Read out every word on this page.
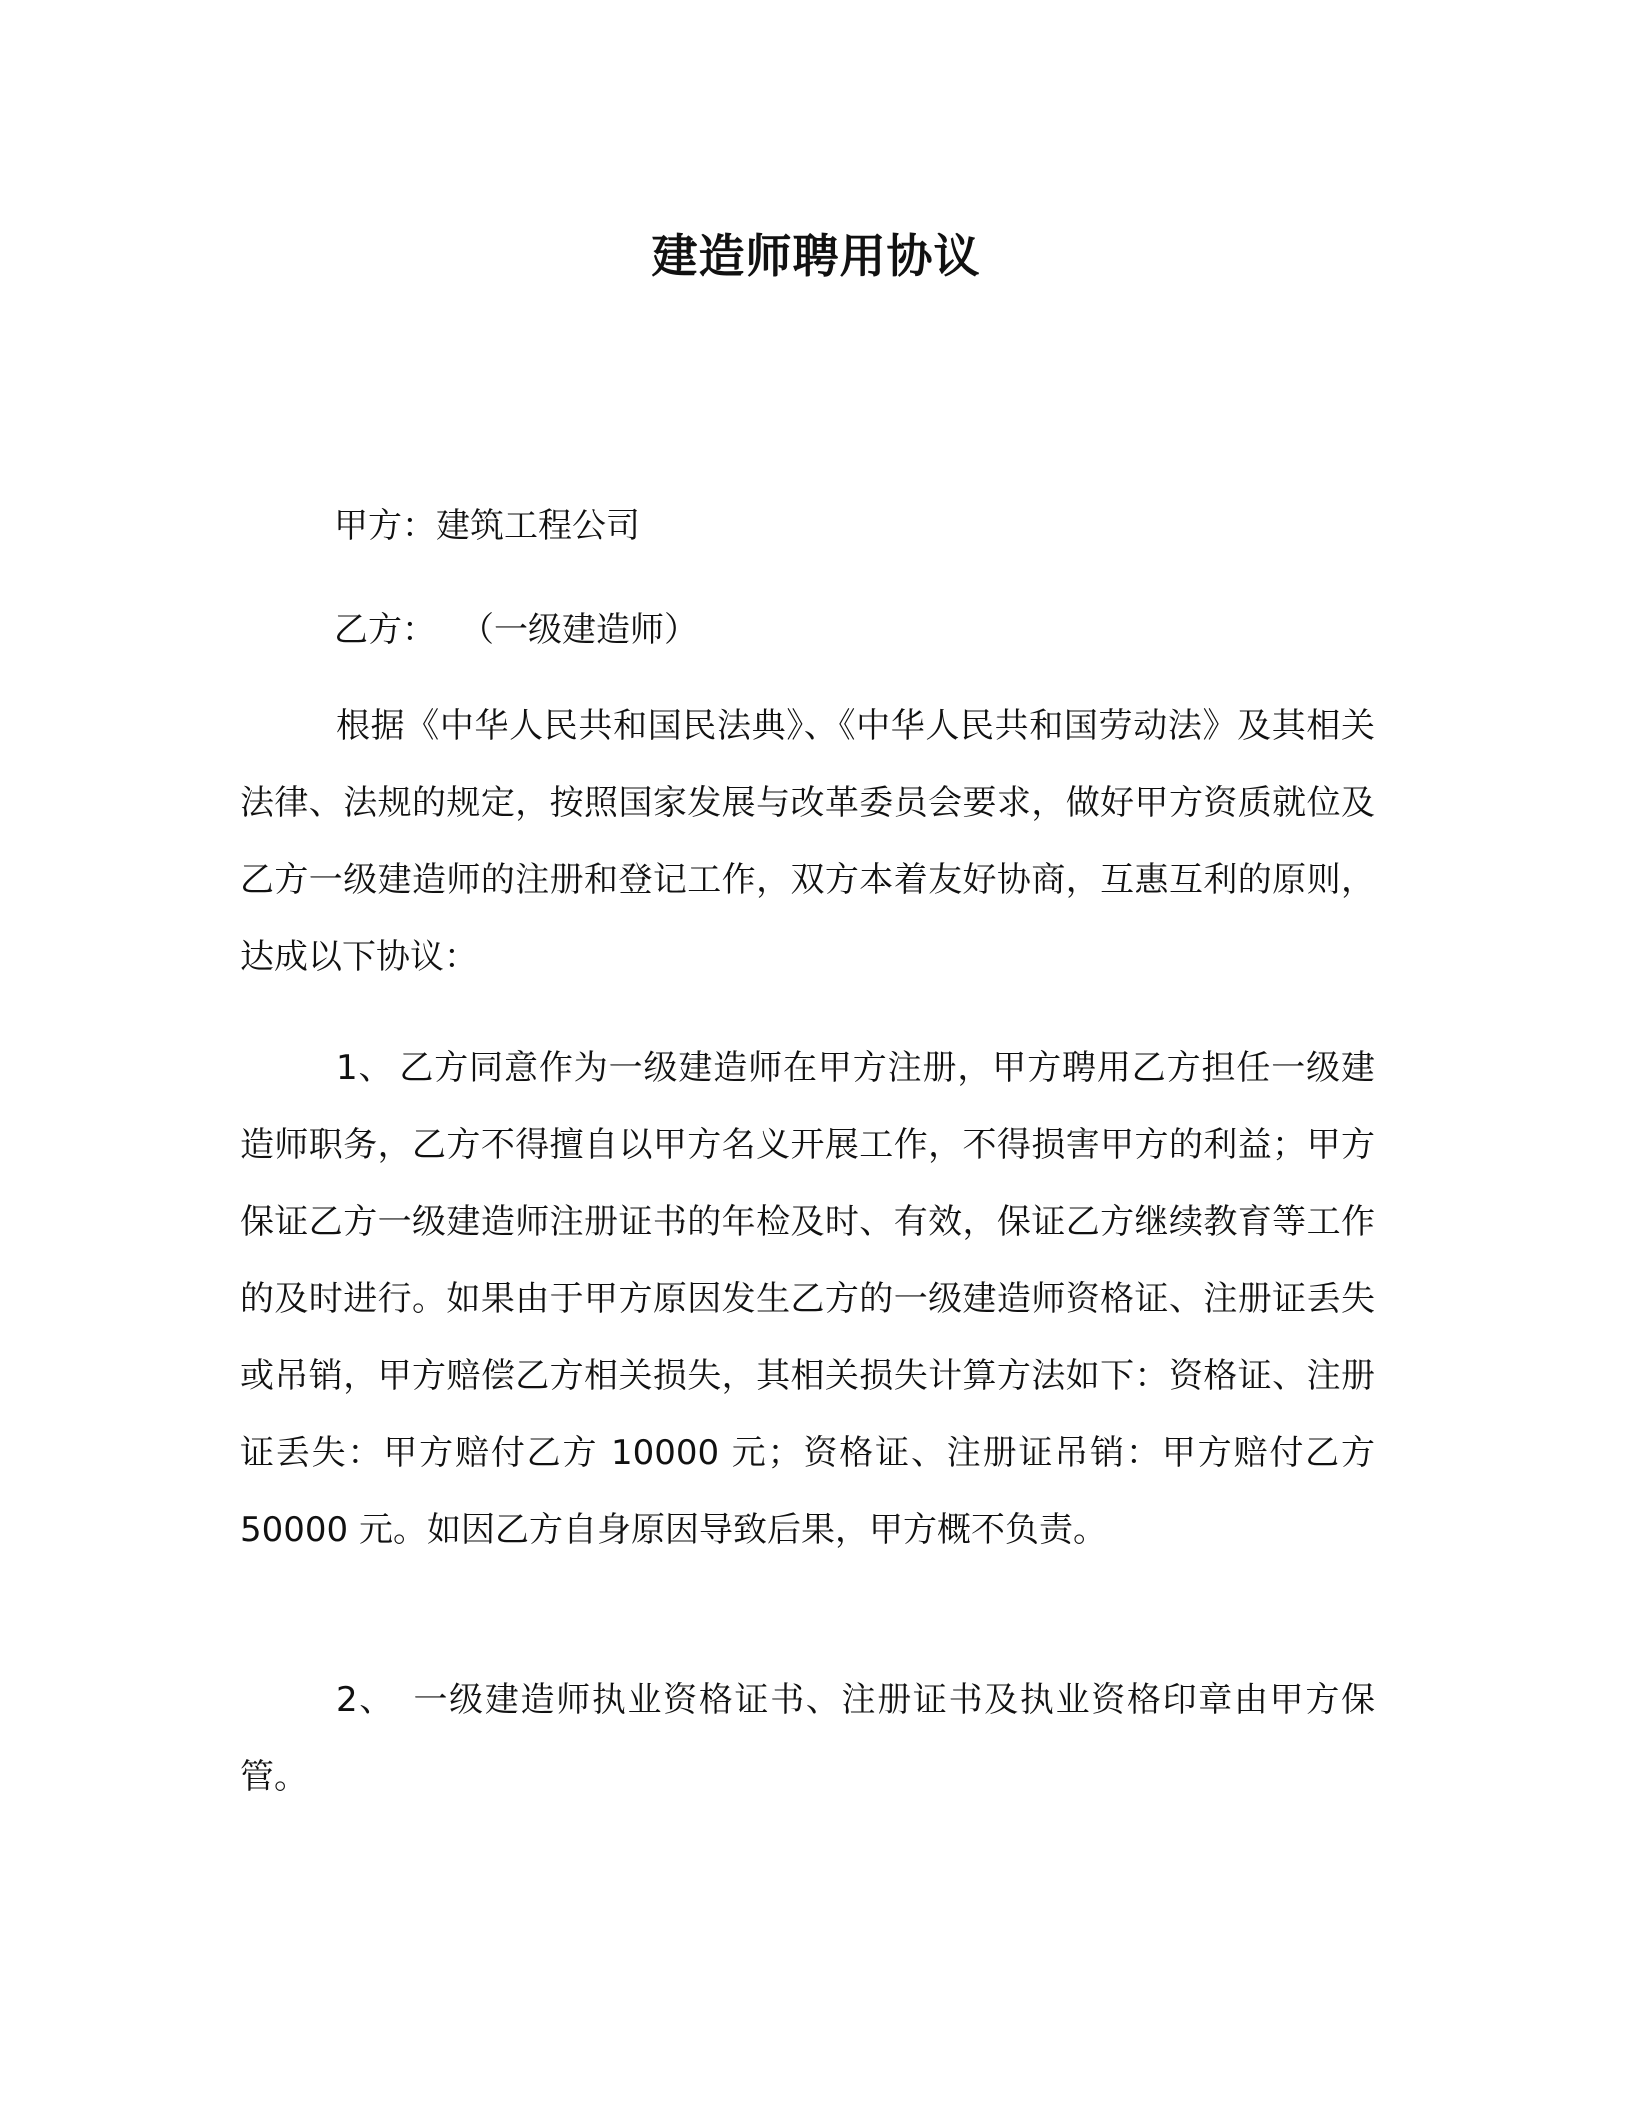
建造师聘用协议
甲方：建筑工程公司
乙方： （一级建造师）

根据《中华人民共和国民法典》、《中华人民共和国劳动法》及其相关法律、法规的规定，按照国家发展与改革委员会要求，做好甲方资质就位及乙方一级建造师的注册和登记工作，双方本着友好协商，互惠互利的原则，达成以下协议：

1、 乙方同意作为一级建造师在甲方注册，甲方聘用乙方担任一级建造师职务，乙方不得擅自以甲方名义开展工作，不得损害甲方的利益；甲方保证乙方一级建造师注册证书的年检及时、有效，保证乙方继续教育等工作的及时进行。如果由于甲方原因发生乙方的一级建造师资格证、注册证丢失或吊销，甲方赔偿乙方相关损失，其相关损失计算方法如下：资格证、注册证丢失：甲方赔付乙方 10000 元；资格证、注册证吊销：甲方赔付乙方 50000 元。如因乙方自身原因导致后果，甲方概不负责。

2、 一级建造师执业资格证书、注册证书及执业资格印章由甲方保管。
